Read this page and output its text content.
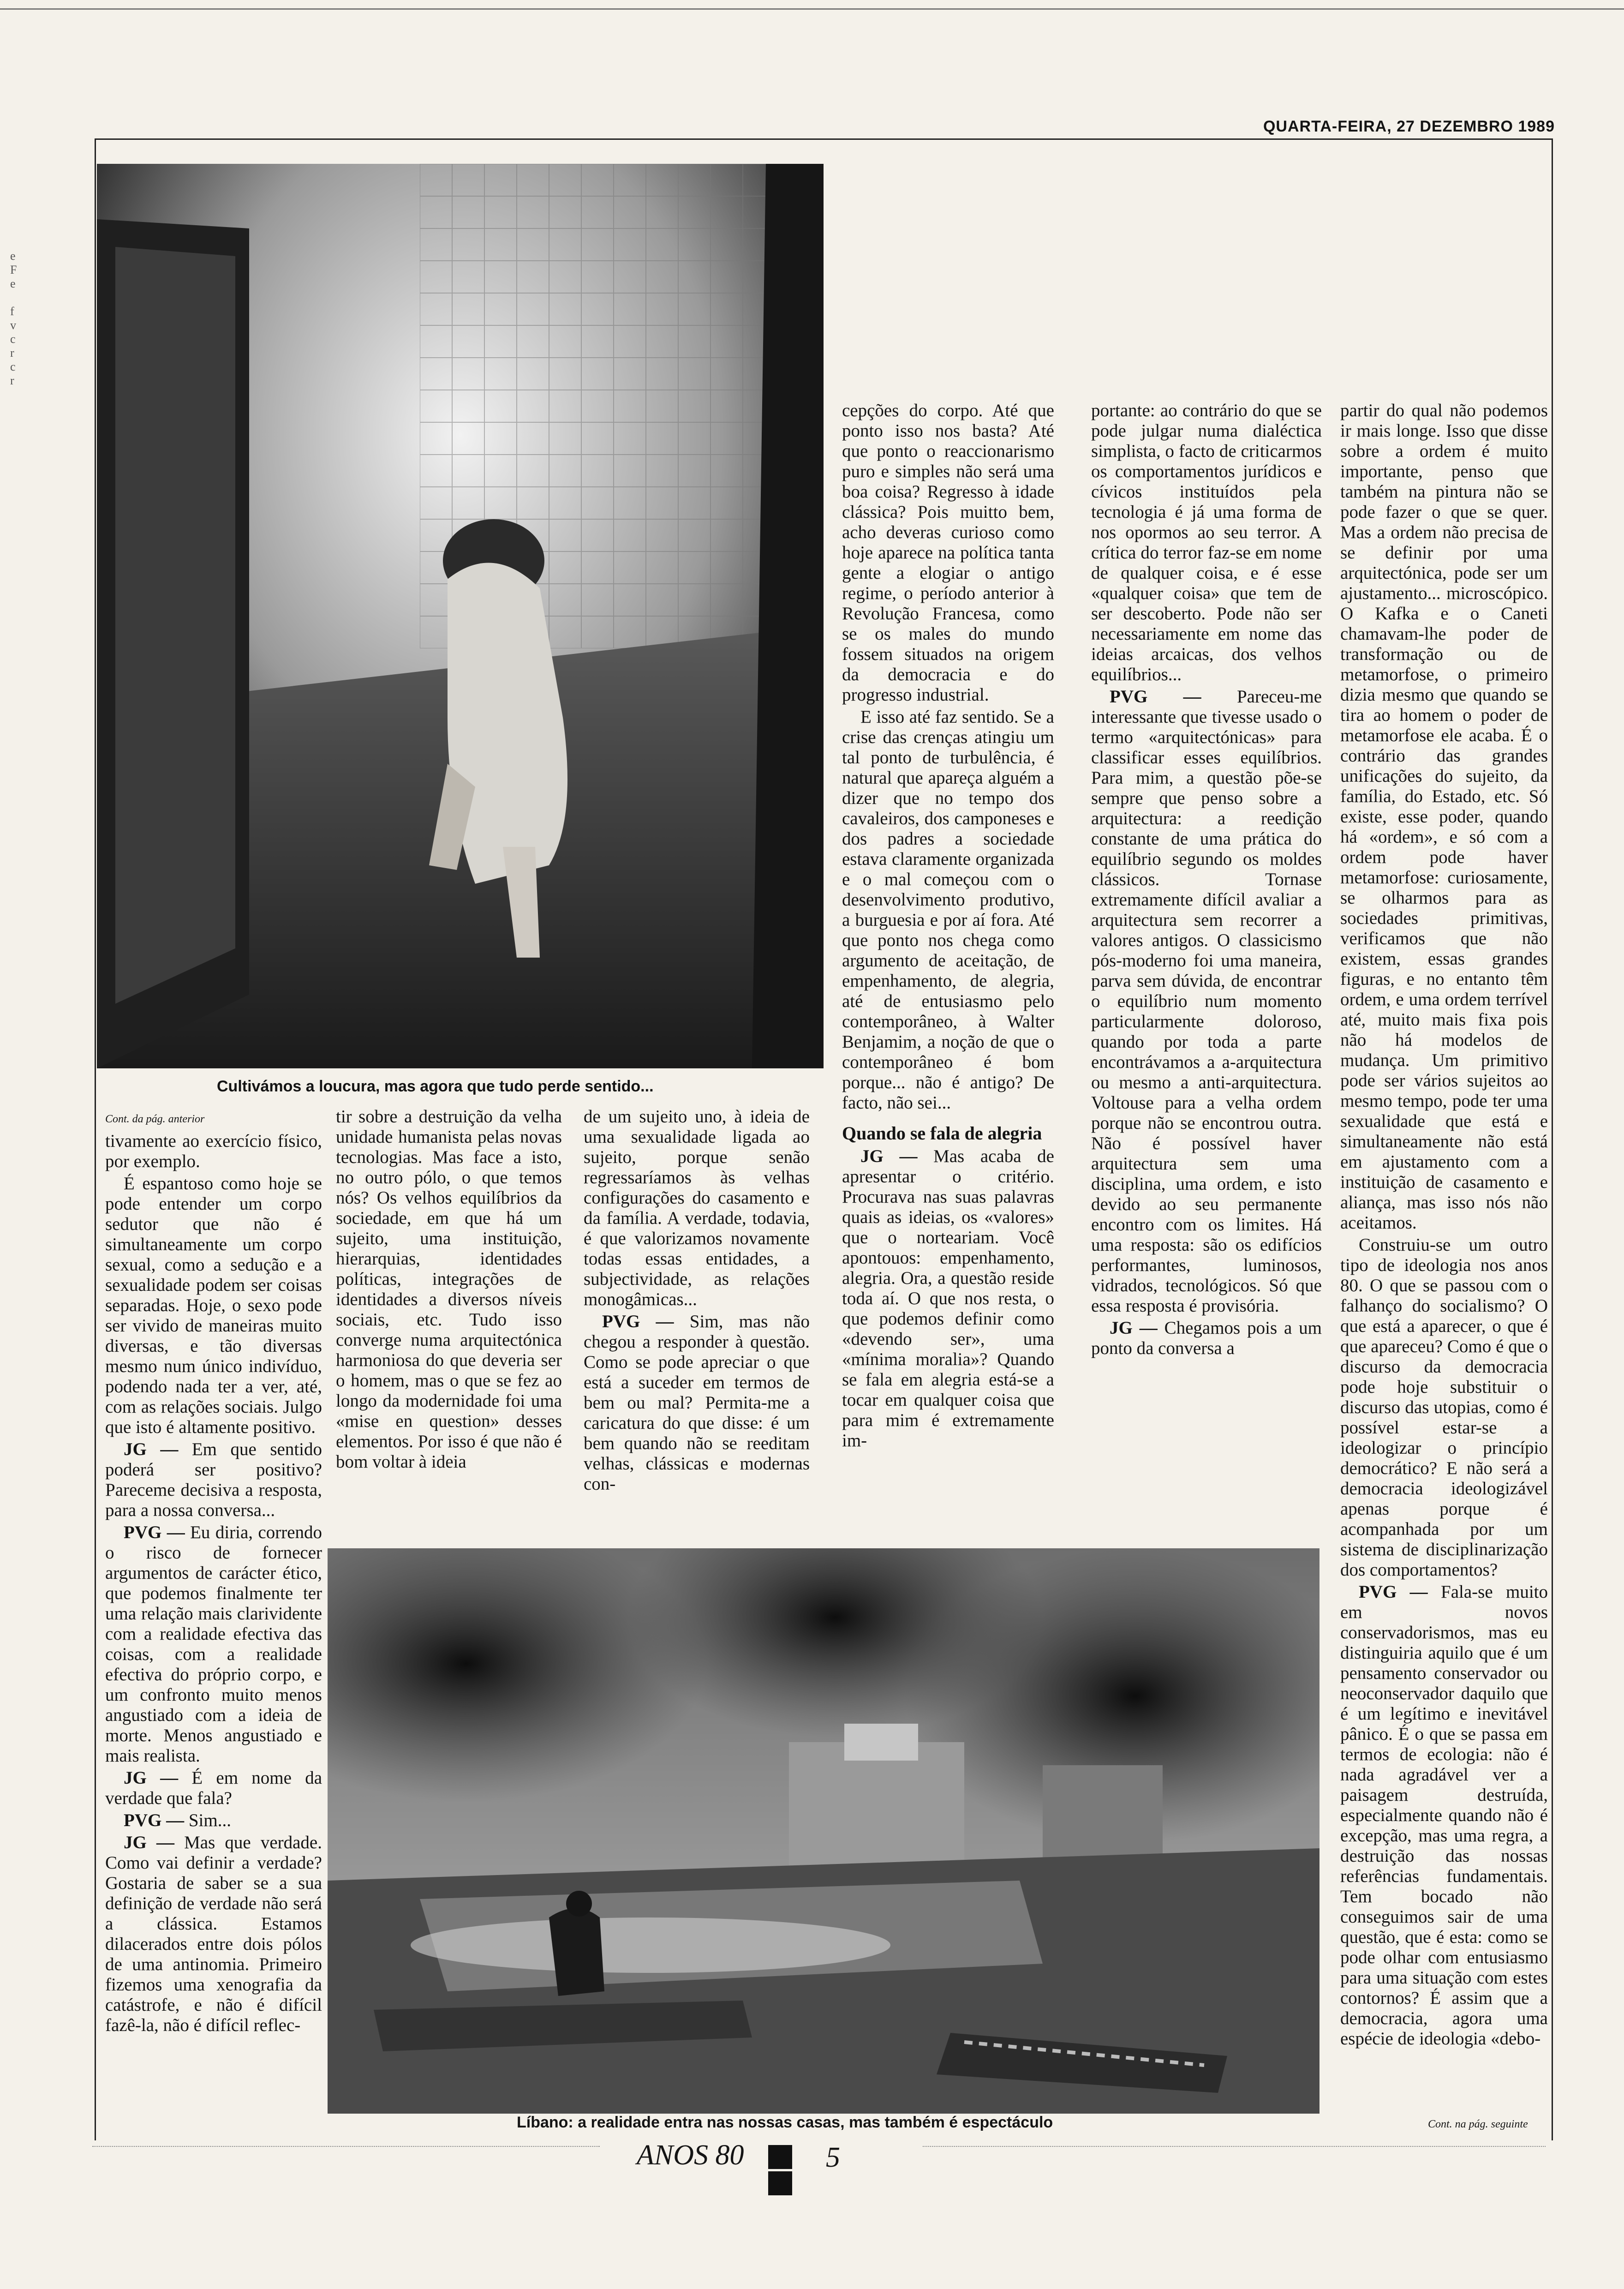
e
F
e

f
v
c
r
c
r
QUARTA-FEIRA, 27 DEZEMBRO 1989
Cultivámos a loucura, mas agora que tudo perde sentido...

Cont. da pág. anterior

tivamente ao exercício físico, por exemplo.

É espantoso como hoje se pode entender um corpo sedutor que não é simultaneamente um corpo sexual, como a sedução e a sexualidade podem ser coisas separadas. Hoje, o sexo pode ser vivido de maneiras muito diversas, e tão diversas mesmo num único indivíduo, podendo nada ter a ver, até, com as relações sociais. Julgo que isto é altamente positivo.

JG — Em que sentido poderá ser positivo? Pareceme decisiva a resposta, para a nossa conversa...

PVG — Eu diria, correndo o risco de fornecer argumentos de carácter ético, que podemos finalmente ter uma relação mais clarividente com a realidade efectiva das coisas, com a realidade efectiva do próprio corpo, e um confronto muito menos angustiado com a ideia de morte. Menos angustiado e mais realista.

JG — É em nome da verdade que fala?

PVG — Sim...

JG — Mas que verdade. Como vai definir a verdade? Gostaria de saber se a sua definição de verdade não será a clássica. Estamos dilacerados entre dois pólos de uma antinomia. Primeiro fizemos uma xenografia da catástrofe, e não é difícil fazê-la, não é difícil reflec-

tir sobre a destruição da velha unidade humanista pelas novas tecnologias. Mas face a isto, no outro pólo, o que temos nós? Os velhos equilíbrios da sociedade, em que há um sujeito, uma instituição, hierarquias, identidades políticas, integrações de identidades a diversos níveis sociais, etc. Tudo isso converge numa arquitectónica harmoniosa do que deveria ser o homem, mas o que se fez ao longo da modernidade foi uma «mise en question» desses elementos. Por isso é que não é bom voltar à ideia

de um sujeito uno, à ideia de uma sexualidade ligada ao sujeito, porque senão regressaríamos às velhas configurações do casamento e da família. A verdade, todavia, é que valorizamos novamente todas essas entidades, a subjectividade, as relações monogâmicas...

PVG — Sim, mas não chegou a responder à questão. Como se pode apreciar o que está a suceder em termos de bem ou mal? Permita-me a caricatura do que disse: é um bem quando não se reeditam velhas, clássicas e modernas con-

cepções do corpo. Até que ponto isso nos basta? Até que ponto o reaccionarismo puro e simples não será uma boa coisa? Regresso à idade clássica? Pois muitto bem, acho deveras curioso como hoje aparece na política tanta gente a elogiar o antigo regime, o período anterior à Revolução Francesa, como se os males do mundo fossem situados na origem da democracia e do progresso industrial.

E isso até faz sentido. Se a crise das crenças atingiu um tal ponto de turbulência, é natural que apareça alguém a dizer que no tempo dos cavaleiros, dos camponeses e dos padres a sociedade estava claramente organizada e o mal começou com o desenvolvimento produtivo, a burguesia e por aí fora. Até que ponto nos chega como argumento de aceitação, de empenhamento, de alegria, até de entusiasmo pelo contemporâneo, à Walter Benjamim, a noção de que o contemporâneo é bom porque... não é antigo? De facto, não sei...

Quando se fala de alegria

JG — Mas acaba de apresentar o critério. Procurava nas suas palavras quais as ideias, os «valores» que o norteariam. Você apontouos: empenhamento, alegria. Ora, a questão reside toda aí. O que nos resta, o que podemos definir como «devendo ser», uma «mínima moralia»? Quando se fala em alegria está-se a tocar em qualquer coisa que para mim é extremamente im-

portante: ao contrário do que se pode julgar numa dialéctica simplista, o facto de criticarmos os comportamentos jurídicos e cívicos instituídos pela tecnologia é já uma forma de nos opormos ao seu terror. A crítica do terror faz-se em nome de qualquer coisa, e é esse «qualquer coisa» que tem de ser descoberto. Pode não ser necessariamente em nome das ideias arcaicas, dos velhos equilíbrios...

PVG — Pareceu-me interessante que tivesse usado o termo «arquitectónicas» para classificar esses equilíbrios. Para mim, a questão põe-se sempre que penso sobre a arquitectura: a reedição constante de uma prática do equilíbrio segundo os moldes clássicos. Tornase extremamente difícil avaliar a arquitectura sem recorrer a valores antigos. O classicismo pós-moderno foi uma maneira, parva sem dúvida, de encontrar o equilíbrio num momento particularmente doloroso, quando por toda a parte encontrávamos a a-arquitectura ou mesmo a anti-arquitectura. Voltouse para a velha ordem porque não se encontrou outra. Não é possível haver arquitectura sem uma disciplina, uma ordem, e isto devido ao seu permanente encontro com os limites. Há uma resposta: são os edifícios performantes, luminosos, vidrados, tecnológicos. Só que essa resposta é provisória.

JG — Chegamos pois a um ponto da conversa a

partir do qual não podemos ir mais longe. Isso que disse sobre a ordem é muito importante, penso que também na pintura não se pode fazer o que se quer. Mas a ordem não precisa de se definir por uma arquitectónica, pode ser um ajustamento... microscópico. O Kafka e o Caneti chamavam-lhe poder de transformação ou de metamorfose, o primeiro dizia mesmo que quando se tira ao homem o poder de metamorfose ele acaba. É o contrário das grandes unificações do sujeito, da família, do Estado, etc. Só existe, esse poder, quando há «ordem», e só com a ordem pode haver metamorfose: curiosamente, se olharmos para as sociedades primitivas, verificamos que não existem, essas grandes figuras, e no entanto têm ordem, e uma ordem terrível até, muito mais fixa pois não há modelos de mudança. Um primitivo pode ser vários sujeitos ao mesmo tempo, pode ter uma sexualidade que está e simultaneamente não está em ajustamento com a instituição de casamento e aliança, mas isso nós não aceitamos.

Construiu-se um outro tipo de ideologia nos anos 80. O que se passou com o falhanço do socialismo? O que está a aparecer, o que é que apareceu? Como é que o discurso da democracia pode hoje substituir o discurso das utopias, como é possível estar-se a ideologizar o princípio democrático? E não será a democracia ideologizável apenas porque é acompanhada por um sistema de disciplinarização dos comportamentos?

PVG — Fala-se muito em novos conservadorismos, mas eu distinguiria aquilo que é um pensamento conservador ou neoconservador daquilo que é um legítimo e inevitável pânico. É o que se passa em termos de ecologia: não é nada agradável ver a paisagem destruída, especialmente quando não é excepção, mas uma regra, a destruição das nossas referências fundamentais. Tem bocado não conseguimos sair de uma questão, que é esta: como se pode olhar com entusiasmo para uma situação com estes contornos? É assim que a democracia, agora uma espécie de ideologia «debo-

Líbano: a realidade entra nas nossas casas, mas também é espectáculo	Cont. na pág. seguinte
ANOS 80	5
